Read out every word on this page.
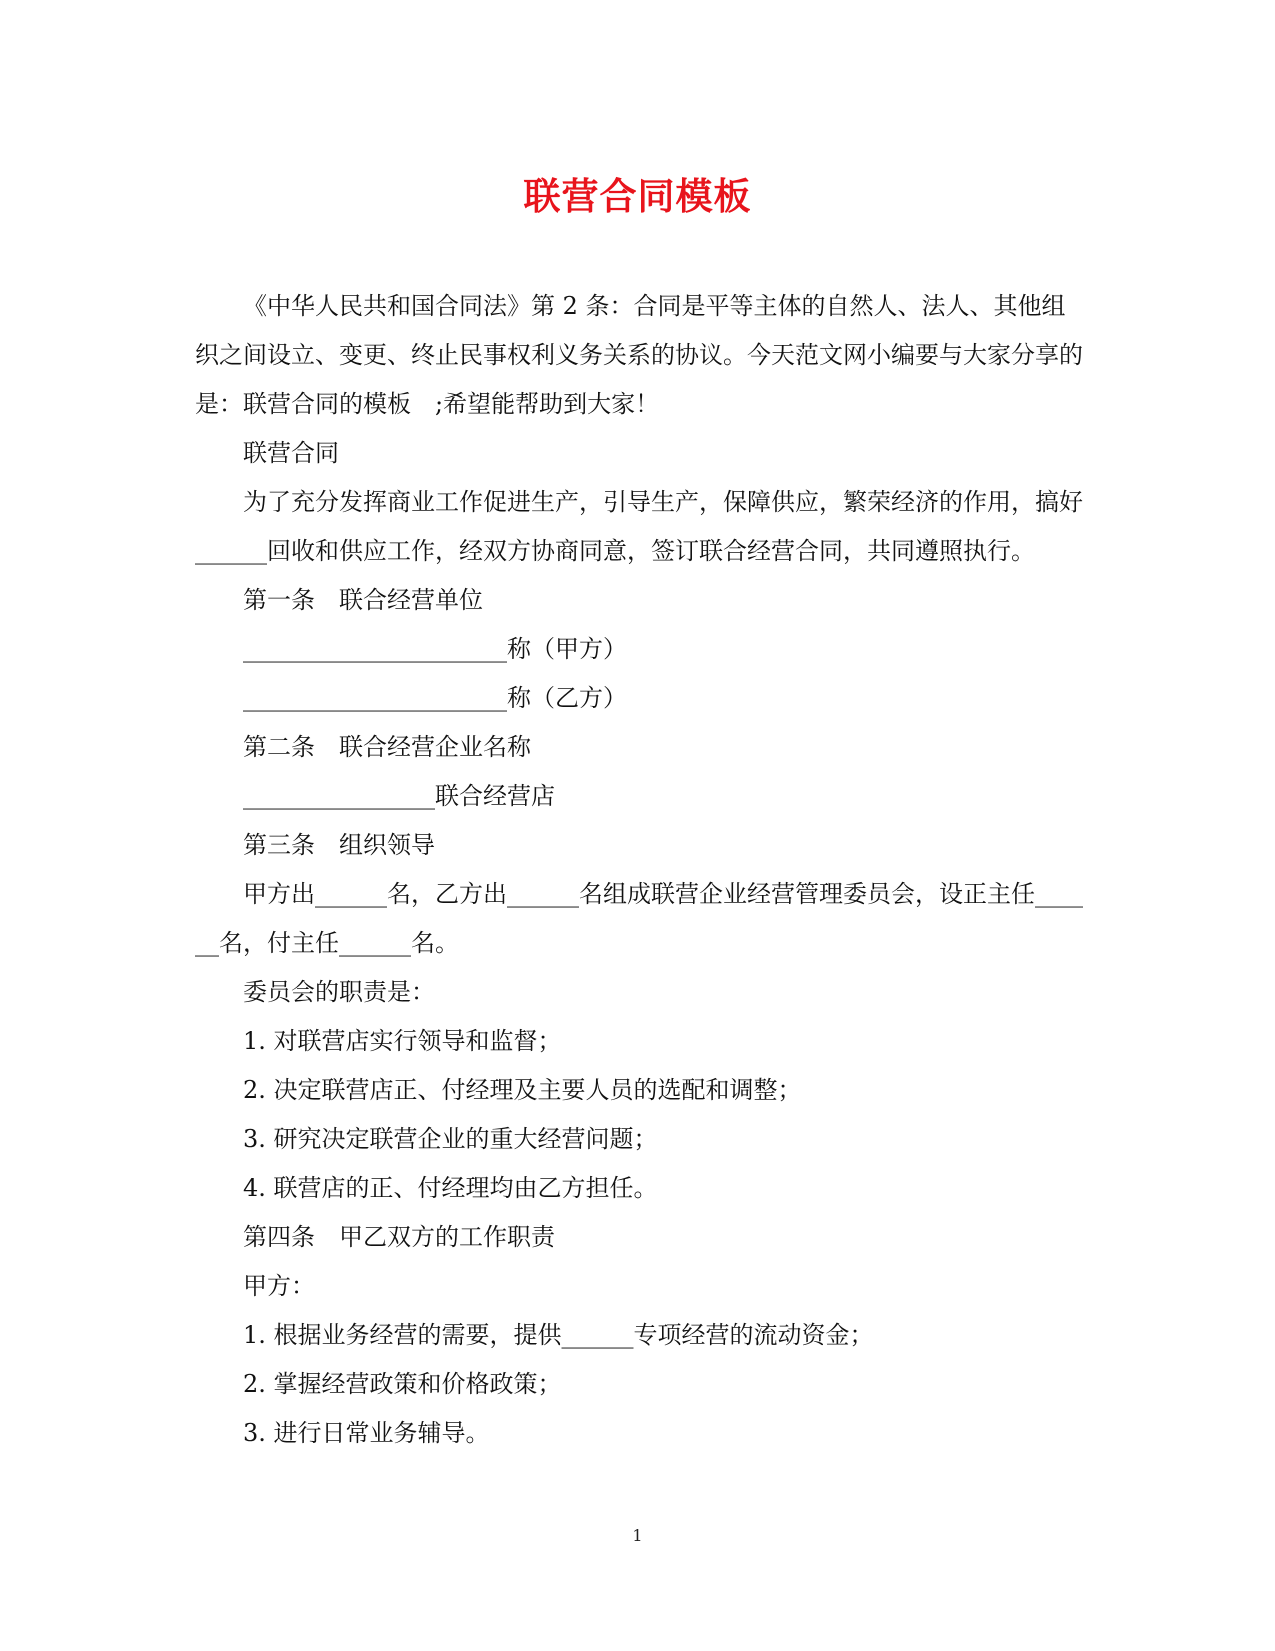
联营合同模板

《中华人民共和国合同法》第 2 条：合同是平等主体的自然人、法人、其他组织之间设立、变更、终止民事权利义务关系的协议。今天范文网小编要与大家分享的是：联营合同的模板　;希望能帮助到大家！

联营合同

为了充分发挥商业工作促进生产，引导生产，保障供应，繁荣经济的作用，搞好______回收和供应工作，经双方协商同意，签订联合经营合同，共同遵照执行。

第一条　联合经营单位

______________________称（甲方）

______________________称（乙方）

第二条　联合经营企业名称

________________联合经营店

第三条　组织领导

甲方出______名，乙方出______名组成联营企业经营管理委员会，设正主任______名，付主任______名。

委员会的职责是：

1. 对联营店实行领导和监督；

2. 决定联营店正、付经理及主要人员的选配和调整；

3. 研究决定联营企业的重大经营问题；

4. 联营店的正、付经理均由乙方担任。

第四条　甲乙双方的工作职责

甲方：

1. 根据业务经营的需要，提供______专项经营的流动资金；

2. 掌握经营政策和价格政策；

3. 进行日常业务辅导。

1
